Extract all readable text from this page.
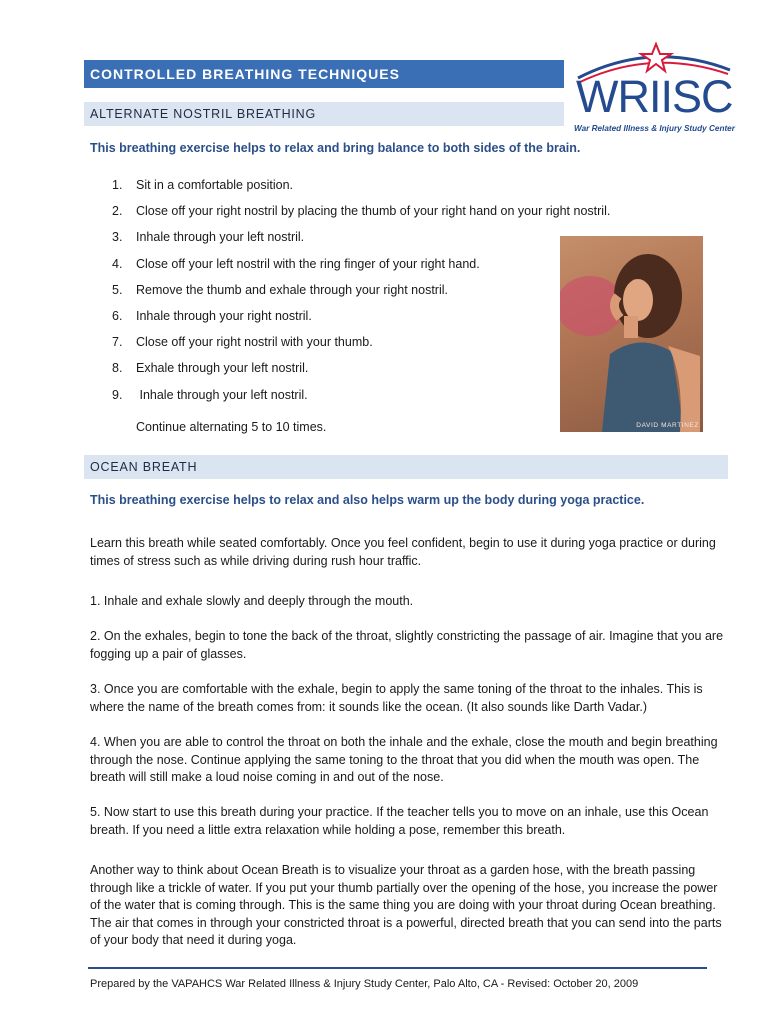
CONTROLLED BREATHING TECHNIQUES	WRIISC
War Related Illness & Injury Study Center
ALTERNATE NOSTRIL BREATHING
This breathing exercise helps to relax and bring balance to both sides of the brain.
1. Sit in a comfortable position.
2. Close off your right nostril by placing the thumb of your right hand on your right nostril.
3. Inhale through your left nostril.
4. Close off your left nostril with the ring finger of your right hand.
5. Remove the thumb and exhale through your right nostril.
6. Inhale through your right nostril.
7. Close off your right nostril with your thumb.
8. Exhale through your left nostril.
9. Inhale through your left nostril.
Continue alternating 5 to 10 times.	DAVID MARTINEZ
OCEAN BREATH
This breathing exercise helps to relax and also helps warm up the body during yoga practice.

Learn this breath while seated comfortably. Once you feel confident, begin to use it during yoga practice or during times of stress such as while driving during rush hour traffic.

1. Inhale and exhale slowly and deeply through the mouth.

2. On the exhales, begin to tone the back of the throat, slightly constricting the passage of air. Imagine that you are fogging up a pair of glasses.

3. Once you are comfortable with the exhale, begin to apply the same toning of the throat to the inhales. This is where the name of the breath comes from: it sounds like the ocean. (It also sounds like Darth Vadar.)

4. When you are able to control the throat on both the inhale and the exhale, close the mouth and begin breathing through the nose. Continue applying the same toning to the throat that you did when the mouth was open. The breath will still make a loud noise coming in and out of the nose.

5. Now start to use this breath during your practice. If the teacher tells you to move on an inhale, use this Ocean breath. If you need a little extra relaxation while holding a pose, remember this breath.

Another way to think about Ocean Breath is to visualize your throat as a garden hose, with the breath passing through like a trickle of water. If you put your thumb partially over the opening of the hose, you increase the power of the water that is coming through. This is the same thing you are doing with your throat during Ocean breathing. The air that comes in through your constricted throat is a powerful, directed breath that you can send into the parts of your body that need it during yoga.

Prepared by the VAPAHCS War Related Illness & Injury Study Center, Palo Alto, CA - Revised: October 20, 2009
